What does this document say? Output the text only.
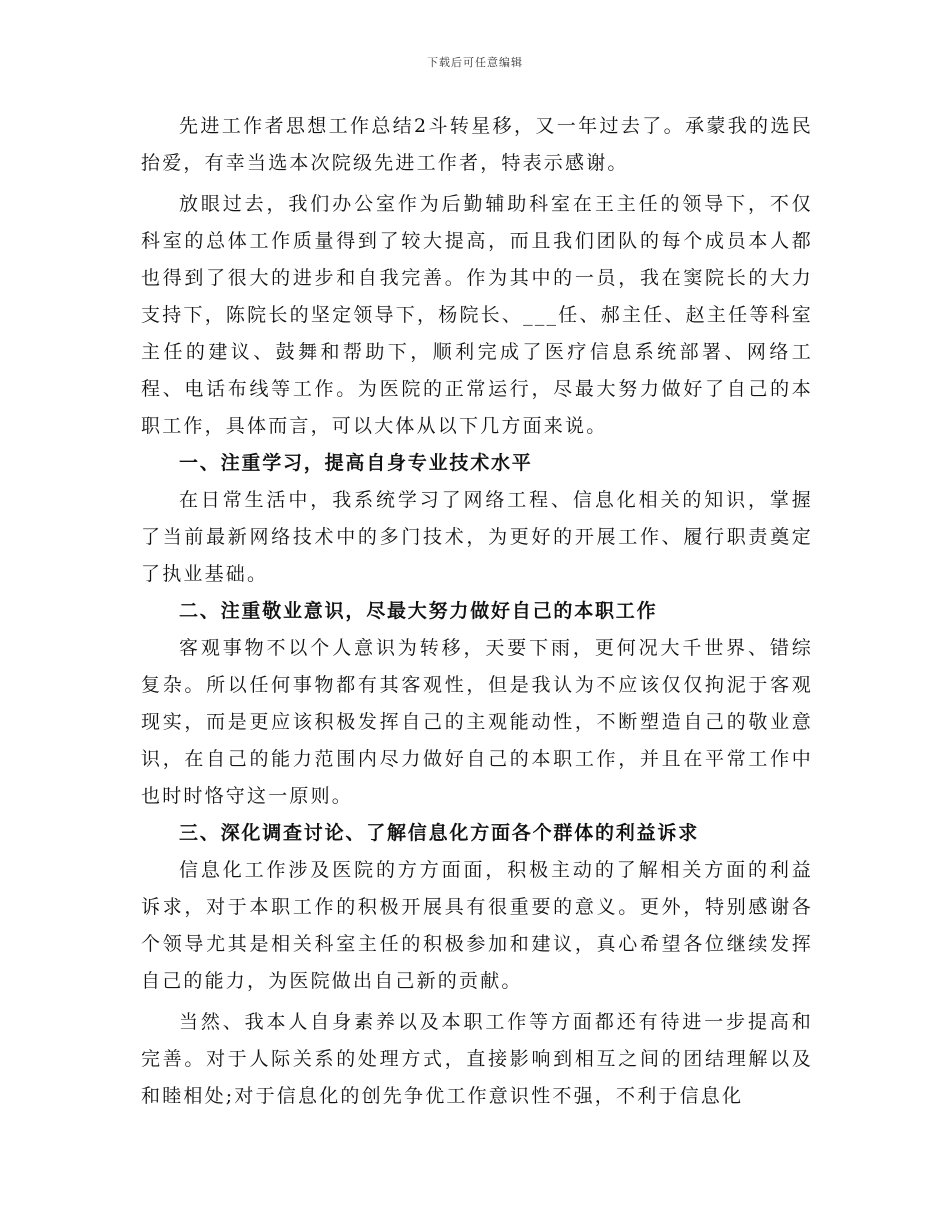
下载后可任意编辑

先进工作者思想工作总结2斗转星移，又一年过去了。承蒙我的选民抬爱，有幸当选本次院级先进工作者，特表示感谢。

放眼过去，我们办公室作为后勤辅助科室在王主任的领导下，不仅科室的总体工作质量得到了较大提高，而且我们团队的每个成员本人都也得到了很大的进步和自我完善。作为其中的一员，我在窦院长的大力支持下，陈院长的坚定领导下，杨院长、___任、郝主任、赵主任等科室主任的建议、鼓舞和帮助下，顺利完成了医疗信息系统部署、网络工程、电话布线等工作。为医院的正常运行，尽最大努力做好了自己的本职工作，具体而言，可以大体从以下几方面来说。

一、注重学习，提高自身专业技术水平

在日常生活中，我系统学习了网络工程、信息化相关的知识，掌握了当前最新网络技术中的多门技术，为更好的开展工作、履行职责奠定了执业基础。

二、注重敬业意识，尽最大努力做好自己的本职工作

客观事物不以个人意识为转移，天要下雨，更何况大千世界、错综复杂。所以任何事物都有其客观性，但是我认为不应该仅仅拘泥于客观现实，而是更应该积极发挥自己的主观能动性，不断塑造自己的敬业意识，在自己的能力范围内尽力做好自己的本职工作，并且在平常工作中也时时恪守这一原则。

三、深化调查讨论、了解信息化方面各个群体的利益诉求

信息化工作涉及医院的方方面面，积极主动的了解相关方面的利益诉求，对于本职工作的积极开展具有很重要的意义。更外，特别感谢各个领导尤其是相关科室主任的积极参加和建议，真心希望各位继续发挥自己的能力，为医院做出自己新的贡献。

当然、我本人自身素养以及本职工作等方面都还有待进一步提高和完善。对于人际关系的处理方式，直接影响到相互之间的团结理解以及和睦相处;对于信息化的创先争优工作意识性不强，不利于信息化
